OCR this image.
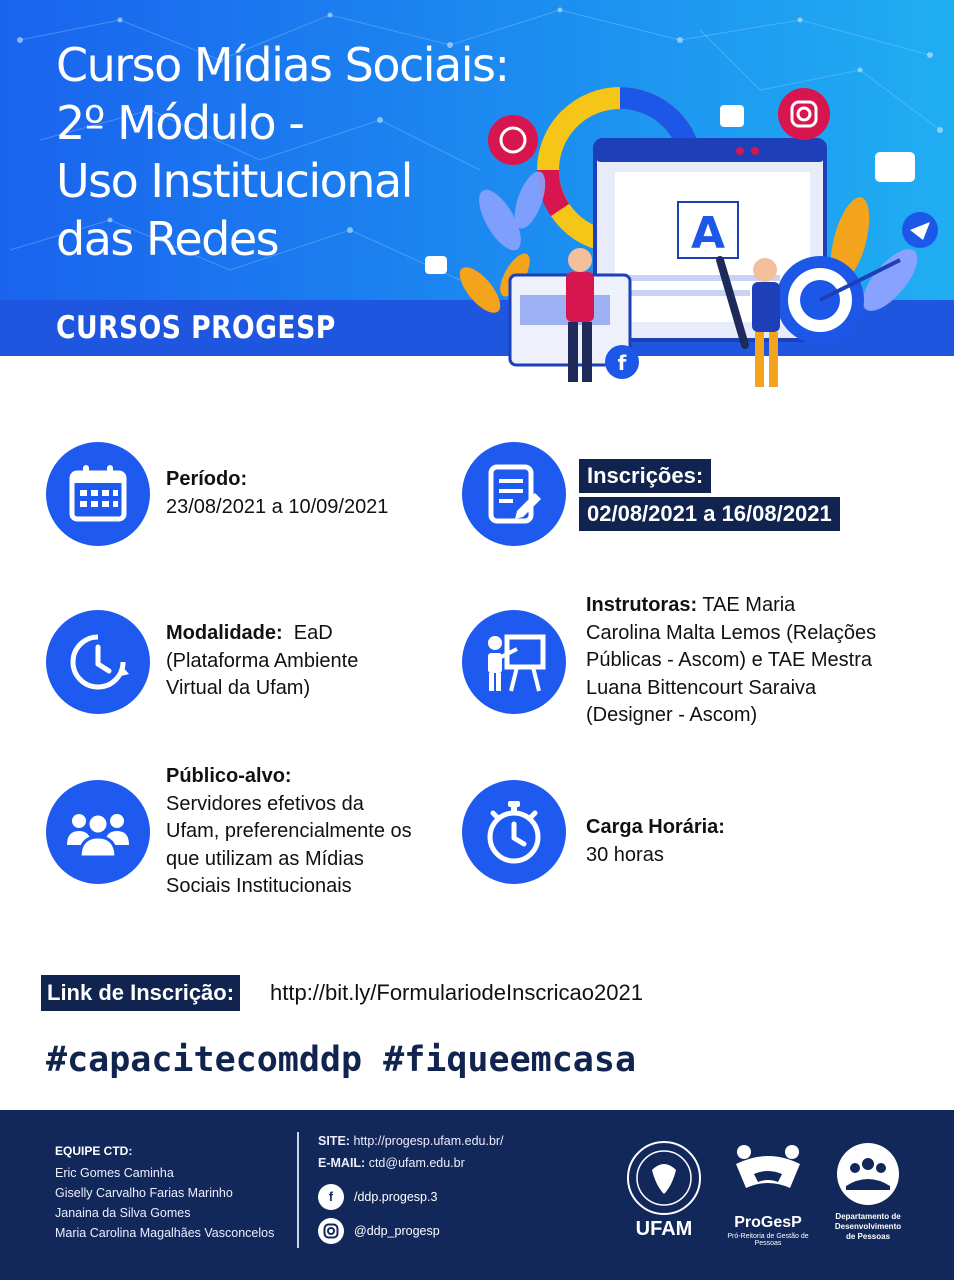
Curso Mídias Sociais:
2º Módulo -
Uso Institucional
das Redes
CURSOS PROGESP
A
f
Período:
23/08/2021 a 10/09/2021
Inscrições:
02/08/2021 a 16/08/2021
Modalidade: EaD
(Plataforma Ambiente
Virtual da Ufam)
Instrutoras: TAE Maria
Carolina Malta Lemos (Relações
Públicas - Ascom) e TAE Mestra
Luana Bittencourt Saraiva
(Designer - Ascom)
Público-alvo:
Servidores efetivos da
Ufam, preferencialmente os
que utilizam as Mídias
Sociais Institucionais
Carga Horária:
30 horas
Link de Inscrição: http://bit.ly/FormulariodeInscricao2021
#capacitecomddp #fiqueemcasa
EQUIPE CTD:
Eric Gomes Caminha
Giselly Carvalho Farias Marinho
Janaina da Silva Gomes
Maria Carolina Magalhães Vasconcelos
SITE: http://progesp.ufam.edu.br/
E-MAIL: ctd@ufam.edu.br
f	/ddp.progesp.3
@ddp_progesp	UFAM	ProGesP
Pró-Reitoria de Gestão de Pessoas
Departamento de
Desenvolvimento
de Pessoas
